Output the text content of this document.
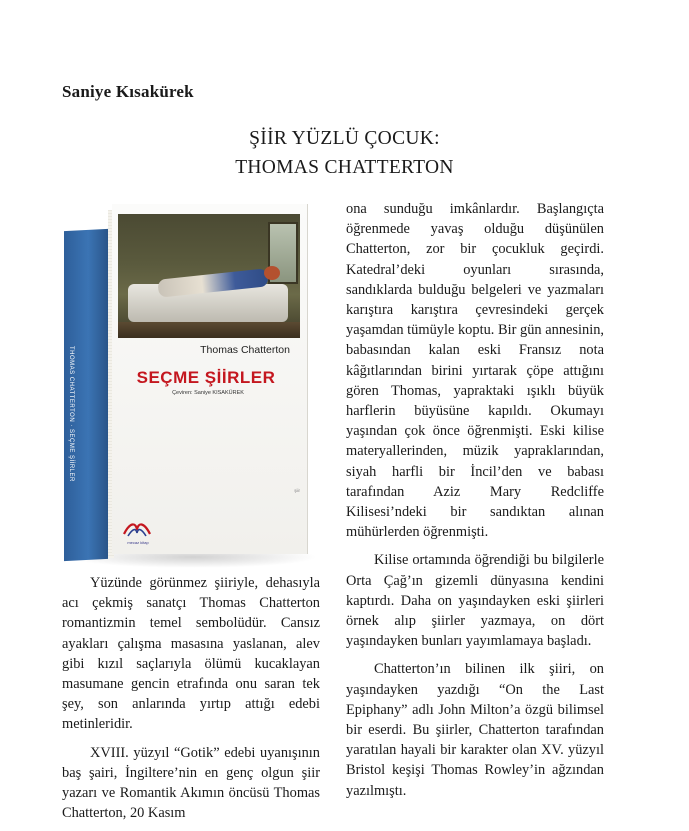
Saniye Kısakürek
ŞİİR YÜZLÜ ÇOCUK:
THOMAS CHATTERTON
THOMAS CHATTERTON · SEÇME ŞİİRLER	Thomas Chatterton
SEÇME ŞİİRLER
Çeviren: Saniye KISAKÜREK
şiir
mecaz kitap

Yüzünde görünmez şiiriyle, dehasıyla acı çekmiş sanatçı Thomas Chatterton romantizmin temel sembolüdür. Cansız ayakları çalışma masasına yaslanan, alev gibi kızıl saçlarıyla ölümü kucaklayan masumane gencin etrafında onu saran tek şey, son anlarında yırtıp attığı edebi metinleridir.

XVIII. yüzyıl “Gotik” edebi uyanışının baş şairi, İngiltere’nin en genç olgun şiir yazarı ve Romantik Akımın öncüsü Thomas Chatterton, 20 Kasım

ona sunduğu imkânlardır. Başlangıçta öğrenmede yavaş olduğu düşünülen Chatterton, zor bir çocukluk geçirdi. Katedral’deki oyunları sırasında, sandıklarda bulduğu belgeleri ve yazmaları karıştıra karıştıra çevresindeki gerçek yaşamdan tümüyle koptu. Bir gün annesinin, babasından kalan eski Fransız nota kâğıtlarından birini yırtarak çöpe attığını gören Thomas, yapraktaki ışıklı büyük harflerin büyüsüne kapıldı. Okumayı yaşından çok önce öğrenmişti. Eski kilise materyallerinden, müzik yapraklarından, siyah harfli bir İncil’den ve babası tarafından Aziz Mary Redcliffe Kilisesi’ndeki bir sandıktan alınan mühürlerden öğrenmişti.

Kilise ortamında öğrendiği bu bilgilerle Orta Çağ’ın gizemli dünyasına kendini kaptırdı. Daha on yaşındayken eski şiirleri örnek alıp şiirler yazmaya, on dört yaşındayken bunları yayımlamaya başladı.

Chatterton’ın bilinen ilk şiiri, on yaşındayken yazdığı “On the Last Epiphany” adlı John Milton’a özgü bilimsel bir eserdi. Bu şiirler, Chatterton tarafından yaratılan hayali bir karakter olan XV. yüzyıl Bristol keşişi Thomas Rowley’in ağzından yazılmıştı.
